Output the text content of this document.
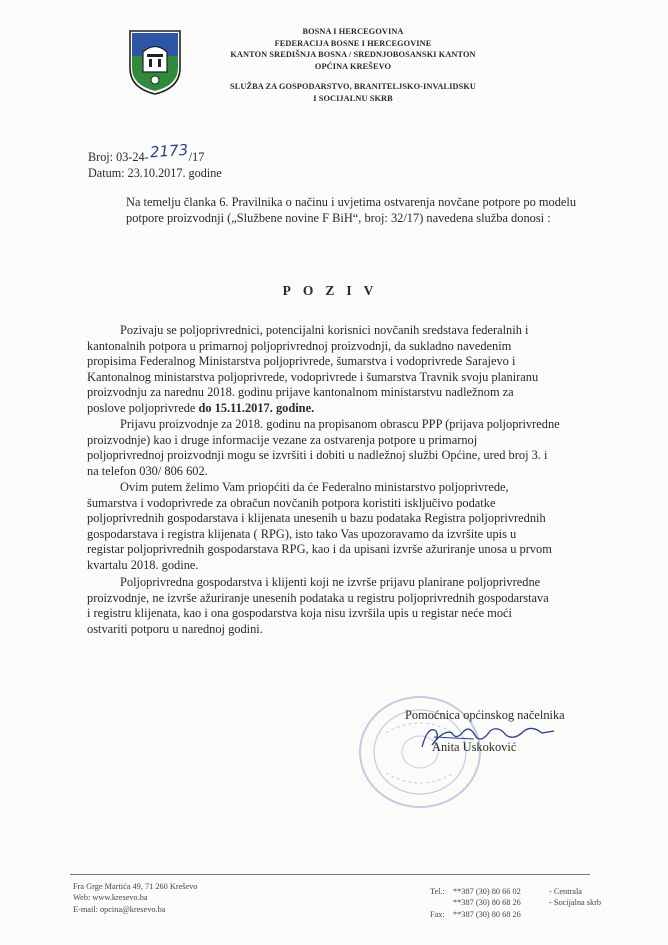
BOSNA I HERCEGOVINA
FEDERACIJA BOSNE I HERCEGOVINE
KANTON SREDIŠNJA BOSNA / SREDNJOBOSANSKI KANTON
OPĆINA KREŠEVO
SLUŽBA ZA GOSPODARSTVO, BRANITELJSKO-INVALIDSKU
I SOCIJALNU SKRB
Broj: 03-24-2173/17
Datum: 23.10.2017. godine
Na temelju članka 6. Pravilnika o načinu i uvjetima ostvarenja novčane potpore po modelu
potpore proizvodnji („Službene novine F BiH“, broj: 32/17) navedena služba donosi :
POZIV
Pozivaju se poljoprivrednici, potencijalni korisnici novčanih sredstava federalnih i
kantonalnih potpora u primarnoj poljoprivrednoj proizvodnji, da sukladno navedenim
propisima Federalnog Ministarstva poljoprivrede, šumarstva i vodoprivrede Sarajevo i
Kantonalnog ministarstva poljoprivrede, vodoprivrede i šumarstva Travnik svoju planiranu
proizvodnju za narednu 2018. godinu prijave kantonalnom ministarstvu nadležnom za
poslove poljoprivrede do 15.11.2017. godine.
Prijavu proizvodnje za 2018. godinu na propisanom obrascu PPP (prijava poljoprivredne
proizvodnje) kao i druge informacije vezane za ostvarenja potpore u primarnoj
poljoprivrednoj proizvodnji mogu se izvršiti i dobiti u nadležnoj službi Općine, ured broj 3. i
na telefon 030/ 806 602.
Ovim putem želimo Vam priopćiti da će Federalno ministarstvo poljoprivrede,
šumarstva i vodoprivrede za obračun novčanih potpora koristiti isključivo podatke
poljoprivrednih gospodarstava i klijenata unesenih u bazu podataka Registra poljoprivrednih
gospodarstava i registra klijenata ( RPG), isto tako Vas upozoravamo da izvršite upis u
registar poljoprivrednih gospodarstava RPG, kao i da upisani izvrše ažuriranje unosa u prvom
kvartalu 2018. godine.
Poljoprivredna gospodarstva i klijenti koji ne izvrše prijavu planirane poljoprivredne
proizvodnje, ne izvrše ažuriranje unesenih podataka u registru poljoprivrednih gospodarstava
i registru klijenata, kao i ona gospodarstva koja nisu izvršila upis u registar neće moći
ostvariti potporu u narednoj godini.
Pomoćnica općinskog načelnika
Anita Uskoković
Fra Grge Martića 49, 71 260 Kreševo
Web: www.kresevo.ba
E-mail: opcina@kresevo.ba
Tel.: **387 (30) 80 66 02	- Centrala
**387 (30) 80 68 26	- Socijalna skrb
Fax: **387 (30) 80 68 26
